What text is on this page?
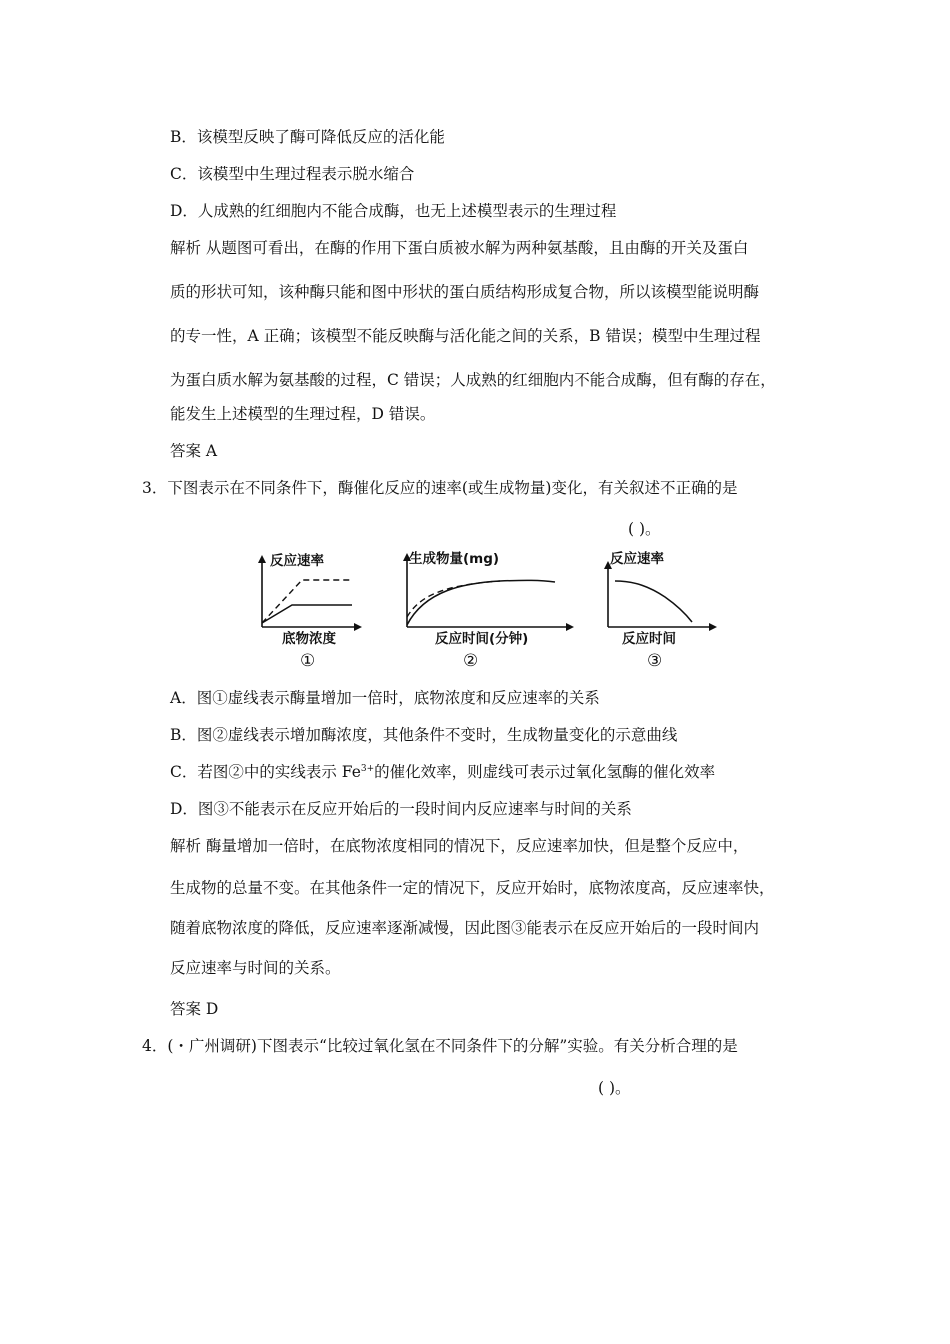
B．该模型反映了酶可降低反应的活化能
C．该模型中生理过程表示脱水缩合
D．人成熟的红细胞内不能合成酶，也无上述模型表示的生理过程
解析 从题图可看出，在酶的作用下蛋白质被水解为两种氨基酸，且由酶的开关及蛋白
质的形状可知，该种酶只能和图中形状的蛋白质结构形成复合物，所以该模型能说明酶
的专一性，A 正确；该模型不能反映酶与活化能之间的关系，B 错误；模型中生理过程
为蛋白质水解为氨基酸的过程，C 错误；人成熟的红细胞内不能合成酶，但有酶的存在，
能发生上述模型的生理过程，D 错误。
答案 A
3．下图表示在不同条件下，酶催化反应的速率(或生成物量)变化，有关叙述不正确的是
( )。
反应速率
底物浓度
①
生成物量(mg)
反应时间(分钟)
②
反应速率
反应时间
③
A．图①虚线表示酶量增加一倍时，底物浓度和反应速率的关系
B．图②虚线表示增加酶浓度，其他条件不变时，生成物量变化的示意曲线
C．若图②中的实线表示 $Fe^{3+}$的催化效率，则虚线可表示过氧化氢酶的催化效率
D．图③不能表示在反应开始后的一段时间内反应速率与时间的关系
解析 酶量增加一倍时，在底物浓度相同的情况下，反应速率加快，但是整个反应中，
生成物的总量不变。在其他条件一定的情况下，反应开始时，底物浓度高，反应速率快，
随着底物浓度的降低，反应速率逐渐减慢，因此图③能表示在反应开始后的一段时间内
反应速率与时间的关系。
答案 D
4．(・广州调研)下图表示“比较过氧化氢在不同条件下的分解”实验。有关分析合理的是
( )。
